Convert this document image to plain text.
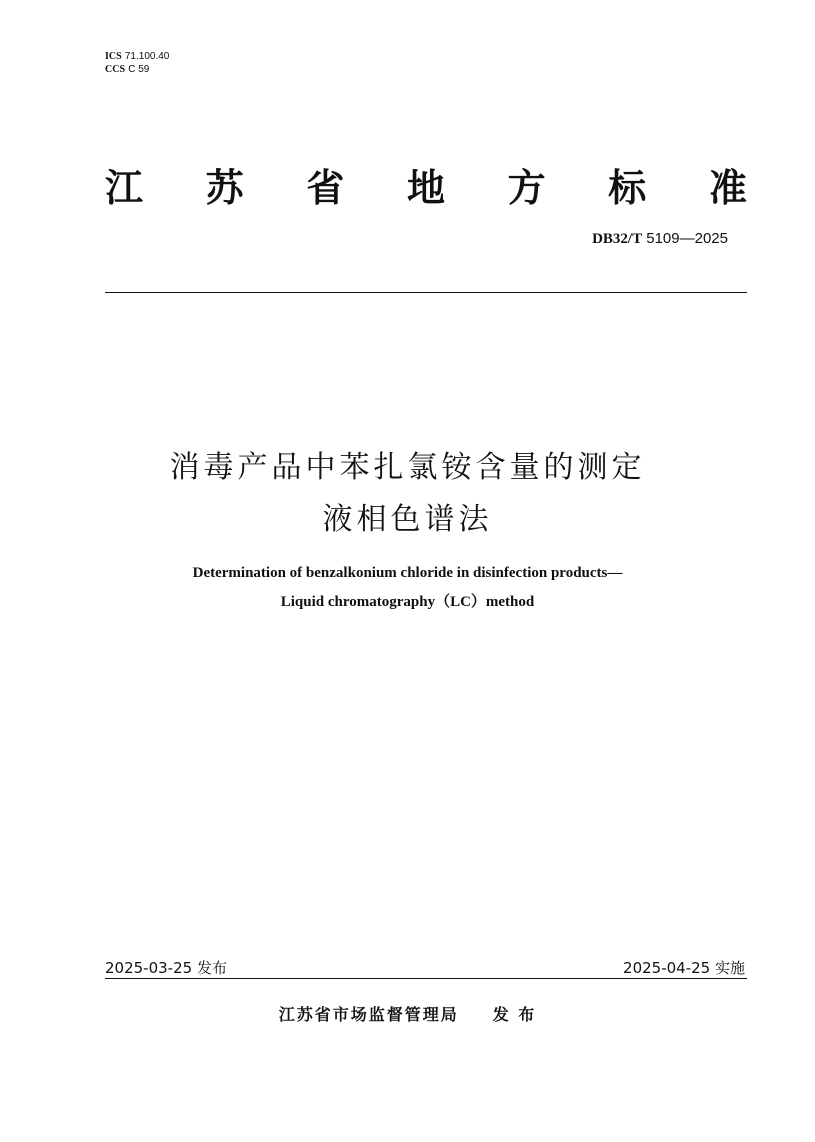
ICS 71.100.40
CCS C 59
江 苏 省 地 方 标 准
DB32/T 5109—2025
消毒产品中苯扎氯铵含量的测定
液相色谱法
Determination of benzalkonium chloride in disinfection products—
Liquid chromatography（LC）method
2025-03-25 发布	2025-04-25 实施
江苏省市场监督管理局 发 布
